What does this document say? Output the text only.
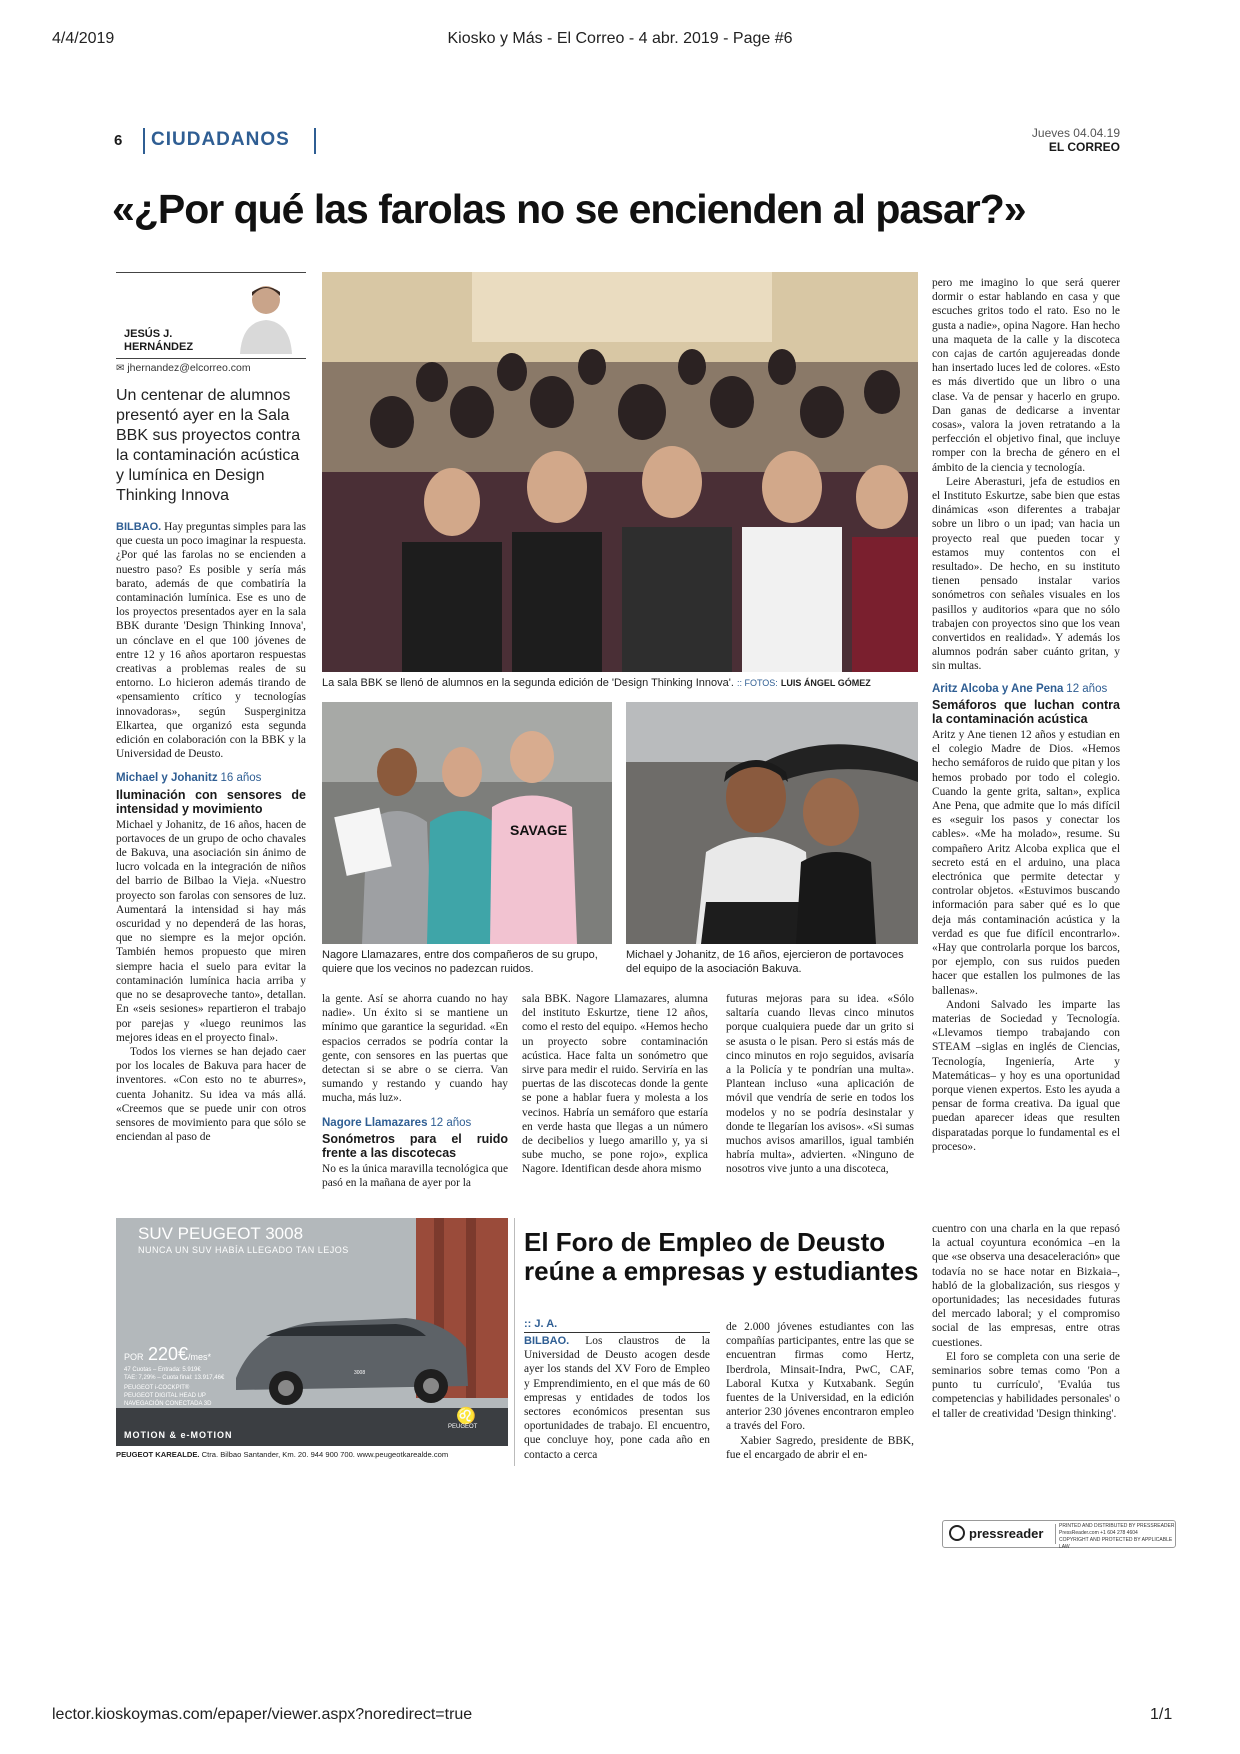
4/4/2019	Kiosko y Más - El Correo - 4 abr. 2019 - Page #6
lector.kioskoymas.com/epaper/viewer.aspx?noredirect=true	1/1
6 CIUDADANOS	Jueves 04.04.19
EL CORREO
«¿Por qué las farolas no se encienden al pasar?»
JESÚS J. HERNÁNDEZ
✉ jhernandez@elcorreo.com
Un centenar de alumnos presentó ayer en la Sala BBK sus proyectos contra la contaminación acústica y lumínica en Design Thinking Innova

BILBAO. Hay preguntas simples para las que cuesta un poco imaginar la respuesta. ¿Por qué las farolas no se encienden a nuestro paso? Es posible y sería más barato, además de que combatiría la contaminación lumínica. Ese es uno de los proyectos presentados ayer en la sala BBK durante 'Design Thinking Innova', un cónclave en el que 100 jóvenes de entre 12 y 16 años aportaron respuestas creativas a problemas reales de su entorno. Lo hicieron además tirando de «pensamiento crítico y tecnologías innovadoras», según Susperginitza Elkartea, que organizó esta segunda edición en colaboración con la BBK y la Universidad de Deusto.

Michael y Johanitz 16 años
Iluminación con sensores de intensidad y movimiento

Michael y Johanitz, de 16 años, hacen de portavoces de un grupo de ocho chavales de Bakuva, una asociación sin ánimo de lucro volcada en la integración de niños del barrio de Bilbao la Vieja. «Nuestro proyecto son farolas con sensores de luz. Aumentará la intensidad si hay más oscuridad y no dependerá de las horas, que no siempre es la mejor opción. También hemos propuesto que miren siempre hacia el suelo para evitar la contaminación lumínica hacia arriba y que no se desaproveche tanto», detallan. En «seis sesiones» repartieron el trabajo por parejas y «luego reunimos las mejores ideas en el proyecto final».

Todos los viernes se han dejado caer por los locales de Bakuva para hacer de inventores. «Con esto no te aburres», cuenta Johanitz. Su idea va más allá. «Creemos que se puede unir con otros sensores de movimiento para que sólo se enciendan al paso de

La sala BBK se llenó de alumnos en la segunda edición de 'Design Thinking Innova'. :: FOTOS: LUIS ÁNGEL GÓMEZ
SAVAGE
Nagore Llamazares, entre dos compañeros de su grupo, quiere que los vecinos no padezcan ruidos.
Michael y Johanitz, de 16 años, ejercieron de portavoces del equipo de la asociación Bakuva.

la gente. Así se ahorra cuando no hay nadie». Un éxito si se mantiene un mínimo que garantice la seguridad. «En espacios cerrados se podría contar la gente, con sensores en las puertas que detectan si se abre o se cierra. Van sumando y restando y cuando hay mucha, más luz».

Nagore Llamazares 12 años
Sonómetros para el ruido frente a las discotecas

No es la única maravilla tecnológica que pasó en la mañana de ayer por la

sala BBK. Nagore Llamazares, alumna del instituto Eskurtze, tiene 12 años, como el resto del equipo. «Hemos hecho un proyecto sobre contaminación acústica. Hace falta un sonómetro que sirve para medir el ruido. Serviría en las puertas de las discotecas donde la gente se pone a hablar fuera y molesta a los vecinos. Habría un semáforo que estaría en verde hasta que llegas a un número de decibelios y luego amarillo y, ya si sube mucho, se pone rojo», explica Nagore. Identifican desde ahora mismo

futuras mejoras para su idea. «Sólo saltaría cuando llevas cinco minutos porque cualquiera puede dar un grito si se asusta o le pisan. Pero si estás más de cinco minutos en rojo seguidos, avisaría a la Policía y te pondrían una multa». Plantean incluso «una aplicación de móvil que vendría de serie en todos los modelos y no se podría desinstalar y donde te llegarían los avisos». «Si sumas muchos avisos amarillos, igual también habría multa», advierten. «Ninguno de nosotros vive junto a una discoteca,

pero me imagino lo que será querer dormir o estar hablando en casa y que escuches gritos todo el rato. Eso no le gusta a nadie», opina Nagore. Han hecho una maqueta de la calle y la discoteca con cajas de cartón agujereadas donde han insertado luces led de colores. «Esto es más divertido que un libro o una clase. Va de pensar y hacerlo en grupo. Dan ganas de dedicarse a inventar cosas», valora la joven retratando a la perfección el objetivo final, que incluye romper con la brecha de género en el ámbito de la ciencia y tecnología.

Leire Aberasturi, jefa de estudios en el Instituto Eskurtze, sabe bien que estas dinámicas «son diferentes a trabajar sobre un libro o un ipad; van hacia un proyecto real que pueden tocar y estamos muy contentos con el resultado». De hecho, en su instituto tienen pensado instalar varios sonómetros con señales visuales en los pasillos y auditorios «para que no sólo trabajen con proyectos sino que los vean convertidos en realidad». Y además los alumnos podrán saber cuánto gritan, y sin multas.

Aritz Alcoba y Ane Pena 12 años
Semáforos que luchan contra la contaminación acústica

Aritz y Ane tienen 12 años y estudian en el colegio Madre de Dios. «Hemos hecho semáforos de ruido que pitan y los hemos probado por todo el colegio. Cuando la gente grita, saltan», explica Ane Pena, que admite que lo más difícil es «seguir los pasos y conectar los cables». «Me ha molado», resume. Su compañero Aritz Alcoba explica que el secreto está en el arduino, una placa electrónica que permite detectar y controlar objetos. «Estuvimos buscando información para saber qué es lo que deja más contaminación acústica y la verdad es que fue difícil encontrarlo». «Hay que controlarla porque los barcos, por ejemplo, con sus ruidos pueden hacer que estallen los pulmones de las ballenas».

Andoni Salvado les imparte las materias de Sociedad y Tecnología. «Llevamos tiempo trabajando con STEAM –siglas en inglés de Ciencias, Tecnología, Ingeniería, Arte y Matemáticas– y hoy es una oportunidad porque vienen expertos. Esto les ayuda a pensar de forma creativa. Da igual que puedan aparecer ideas que resulten disparatadas porque lo fundamental es el proceso».

SUV PEUGEOT 3008
NUNCA UN SUV HABÍA LLEGADO TAN LEJOS
POR 220€/mes*
47 Cuotas – Entrada: 5.919€
TAE: 7,29% – Cuota final: 13.917,46€
PEUGEOT i-COCKPIT®
PEUGEOT DIGITAL HEAD UP
NAVEGACIÓN CONECTADA 3D
3008
MOTION & e-MOTION
♌
PEUGEOT
PEUGEOT KAREALDE. Ctra. Bilbao Santander, Km. 20. 944 900 700. www.peugeotkarealde.com
El Foro de Empleo de Deusto reúne a empresas y estudiantes
:: J. A.

BILBAO. Los claustros de la Universidad de Deusto acogen desde ayer los stands del XV Foro de Empleo y Emprendimiento, en el que más de 60 empresas y entidades de todos los sectores económicos presentan sus oportunidades de trabajo. El encuentro, que concluye hoy, pone cada año en contacto a cerca

de 2.000 jóvenes estudiantes con las compañías participantes, entre las que se encuentran firmas como Hertz, Iberdrola, Minsait-Indra, PwC, CAF, Laboral Kutxa y Kutxabank. Según fuentes de la Universidad, en la edición anterior 230 jóvenes encontraron empleo a través del Foro.

Xabier Sagredo, presidente de BBK, fue el encargado de abrir el en-

cuentro con una charla en la que repasó la actual coyuntura económica –en la que «se observa una desaceleración» que todavía no se hace notar en Bizkaia–, habló de la globalización, sus riesgos y oportunidades; las necesidades futuras del mercado laboral; y el compromiso social de las empresas, entre otras cuestiones.

El foro se completa con una serie de seminarios sobre temas como 'Pon a punto tu currículo', 'Evalúa tus competencias y habilidades personales' o el taller de creatividad 'Design thinking'.

pressreader	PRINTED AND DISTRIBUTED BY PRESSREADER
PressReader.com +1 604 278 4604
COPYRIGHT AND PROTECTED BY APPLICABLE LAW
